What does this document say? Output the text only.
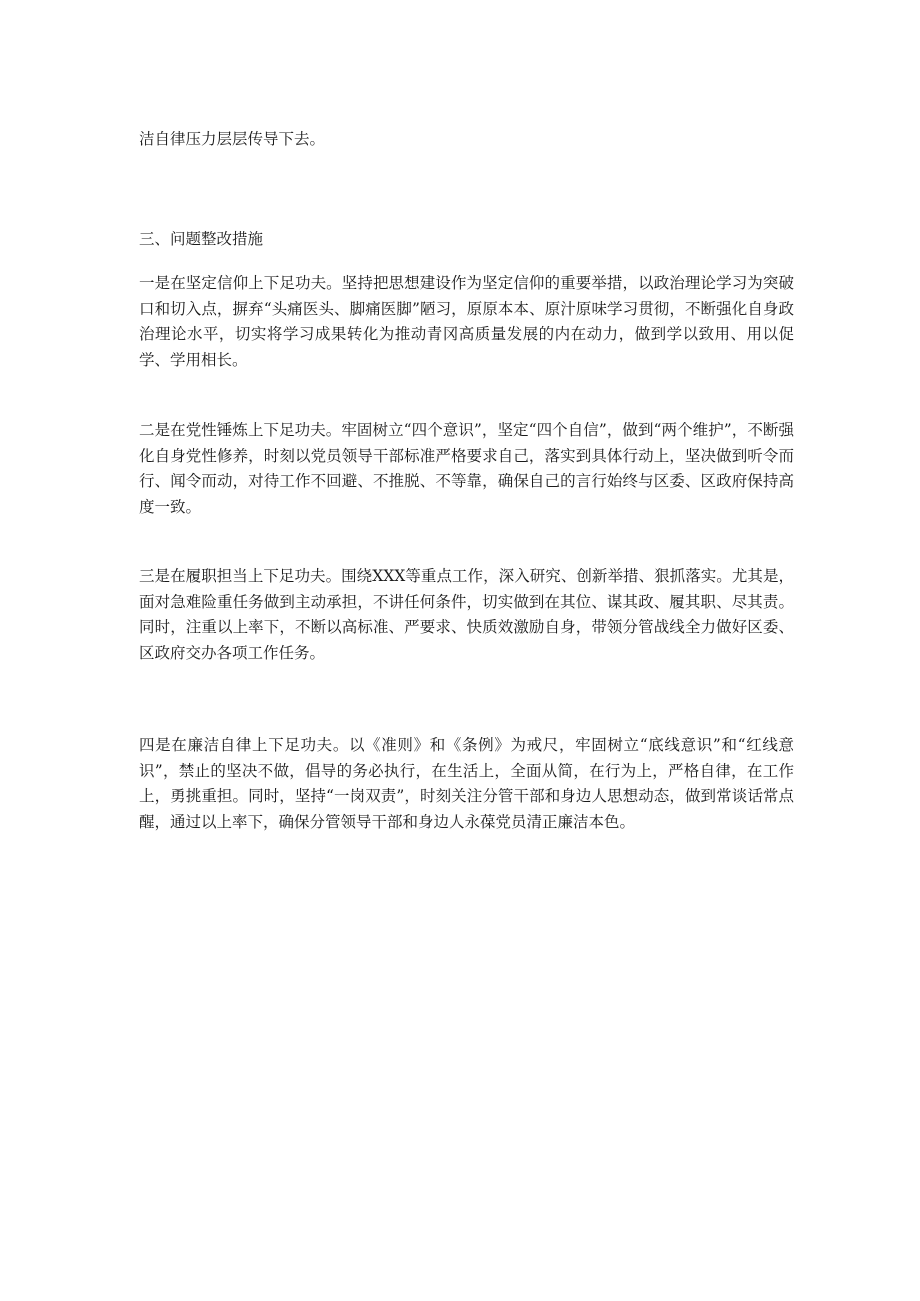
洁自律压力层层传导下去。

三、问题整改措施

一是在坚定信仰上下足功夫。坚持把思想建设作为坚定信仰的重要举措，以政治理论学习为突破口和切入点，摒弃“头痛医头、脚痛医脚”陋习，原原本本、原汁原味学习贯彻，不断强化自身政治理论水平，切实将学习成果转化为推动青冈高质量发展的内在动力，做到学以致用、用以促学、学用相长。

二是在党性锤炼上下足功夫。牢固树立“四个意识”，坚定“四个自信”，做到“两个维护”，不断强化自身党性修养，时刻以党员领导干部标准严格要求自己，落实到具体行动上，坚决做到听令而行、闻令而动，对待工作不回避、不推脱、不等靠，确保自己的言行始终与区委、区政府保持高度一致。

三是在履职担当上下足功夫。围绕XXX等重点工作，深入研究、创新举措、狠抓落实。尤其是，面对急难险重任务做到主动承担，不讲任何条件，切实做到在其位、谋其政、履其职、尽其责。同时，注重以上率下，不断以高标准、严要求、快质效激励自身，带领分管战线全力做好区委、区政府交办各项工作任务。

四是在廉洁自律上下足功夫。以《准则》和《条例》为戒尺，牢固树立“底线意识”和“红线意识”，禁止的坚决不做，倡导的务必执行，在生活上，全面从简，在行为上，严格自律，在工作上，勇挑重担。同时，坚持“一岗双责”，时刻关注分管干部和身边人思想动态，做到常谈话常点醒，通过以上率下，确保分管领导干部和身边人永葆党员清正廉洁本色。
